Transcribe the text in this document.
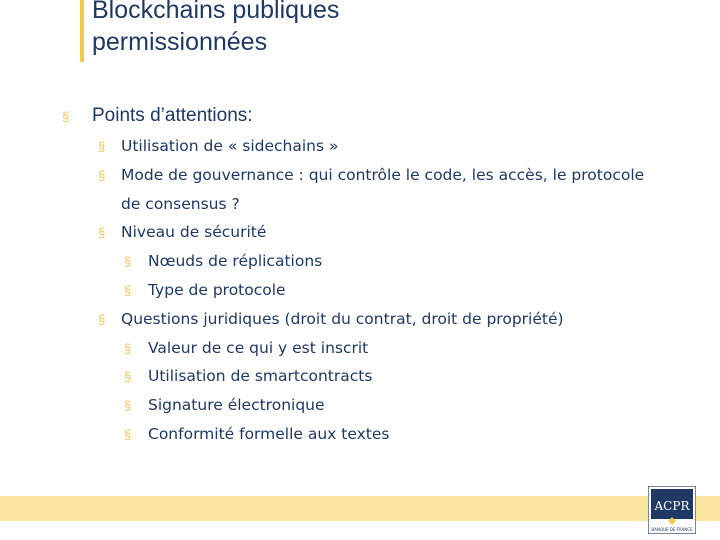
Blockchains publiques
permissionnées
§ Points d’attentions:
§ Utilisation de « sidechains »
§ Mode de gouvernance : qui contrôle le code, les accès, le protocole
de consensus ?
§ Niveau de sécurité
§ Nœuds de réplications
§ Type de protocole
§ Questions juridiques (droit du contrat, droit de propriété)
§ Valeur de ce qui y est inscrit
§ Utilisation de smartcontracts
§ Signature électronique
§ Conformité formelle aux textes
ACPR
BANQUE DE FRANCE
